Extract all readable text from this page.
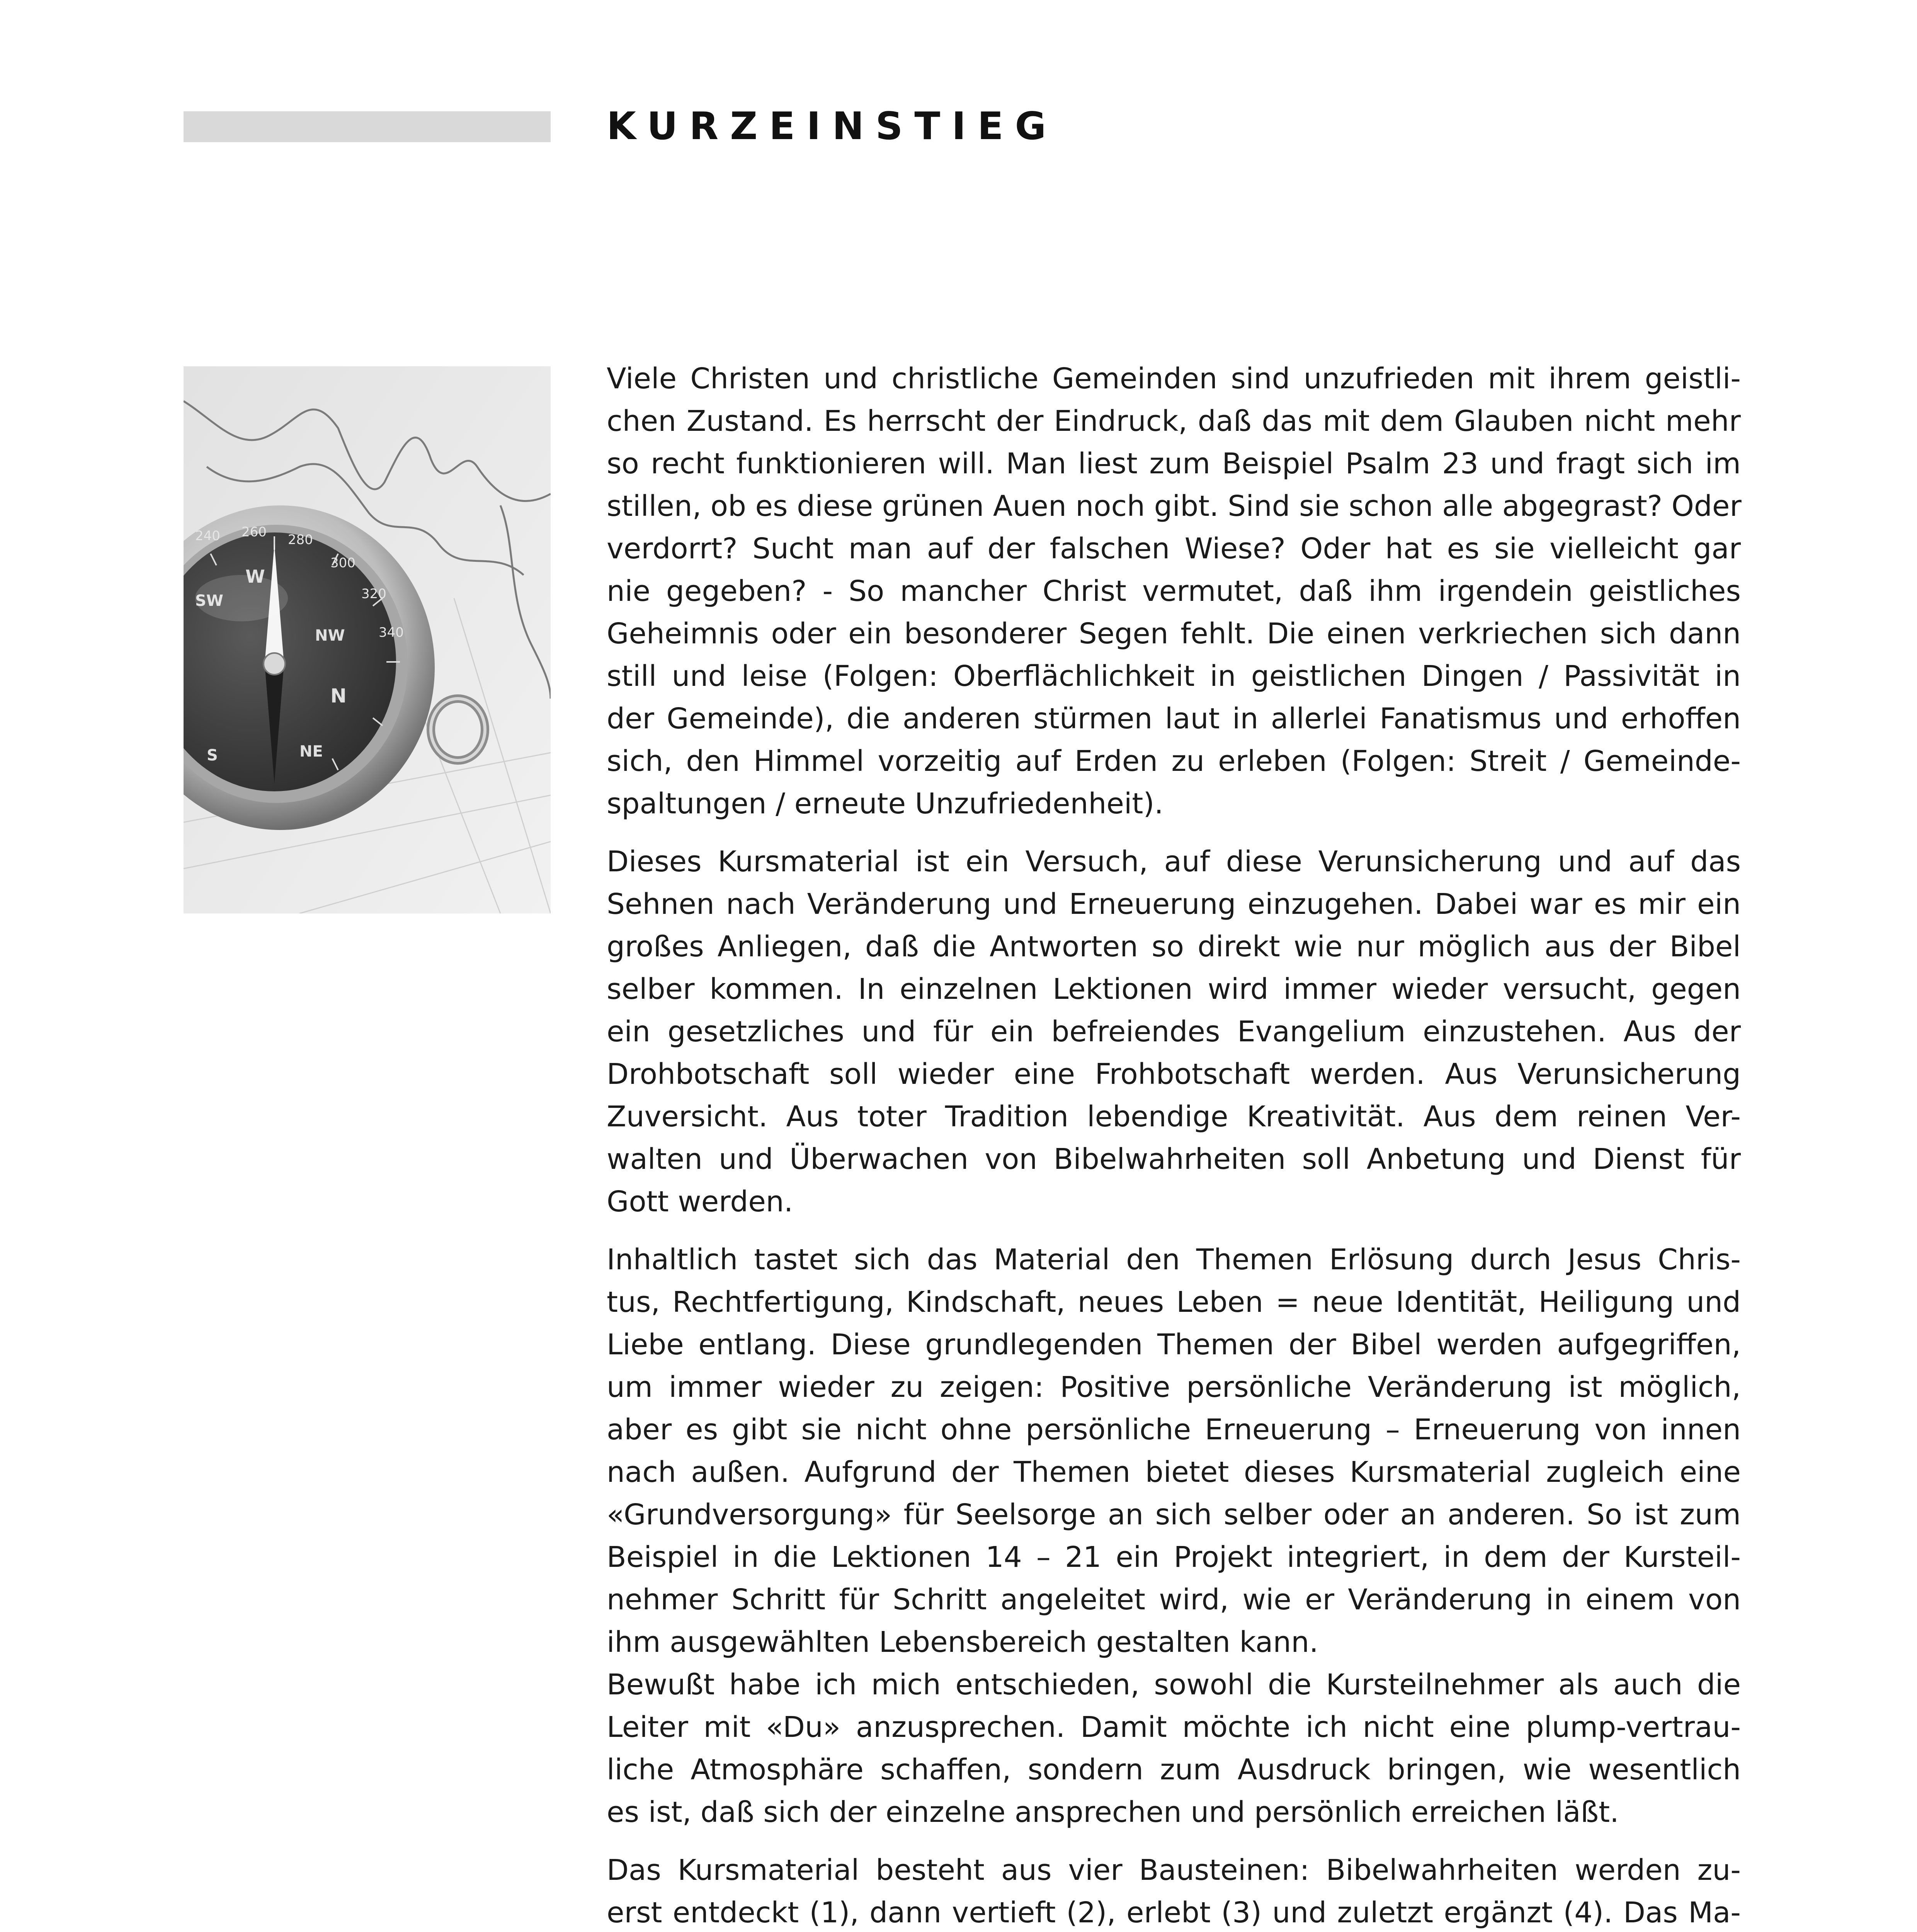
KURZEINSTIEG
240 260 280
300
320
340
SW
W
NW
N
NE
S

Viele Christen und christliche Gemeinden sind unzufrieden mit ihrem geistli-
chen Zustand. Es herrscht der Eindruck, daß das mit dem Glauben nicht mehr
so recht funktionieren will. Man liest zum Beispiel Psalm 23 und fragt sich im
stillen, ob es diese grünen Auen noch gibt. Sind sie schon alle abgegrast? Oder
verdorrt? Sucht man auf der falschen Wiese? Oder hat es sie vielleicht gar
nie gegeben? - So mancher Christ vermutet, daß ihm irgendein geistliches
Geheimnis oder ein besonderer Segen fehlt. Die einen verkriechen sich dann
still und leise (Folgen: Oberflächlichkeit in geistlichen Dingen / Passivität in
der Gemeinde), die anderen stürmen laut in allerlei Fanatismus und erhoffen
sich, den Himmel vorzeitig auf Erden zu erleben (Folgen: Streit / Gemeinde-
spaltungen / erneute Unzufriedenheit).

Dieses Kursmaterial ist ein Versuch, auf diese Verunsicherung und auf das
Sehnen nach Veränderung und Erneuerung einzugehen. Dabei war es mir ein
großes Anliegen, daß die Antworten so direkt wie nur möglich aus der Bibel
selber kommen. In einzelnen Lektionen wird immer wieder versucht, gegen
ein gesetzliches und für ein befreiendes Evangelium einzustehen. Aus der
Drohbotschaft soll wieder eine Frohbotschaft werden. Aus Verunsicherung
Zuversicht. Aus toter Tradition lebendige Kreativität. Aus dem reinen Ver-
walten und Überwachen von Bibelwahrheiten soll Anbetung und Dienst für
Gott werden.

Inhaltlich tastet sich das Material den Themen Erlösung durch Jesus Chris-
tus, Rechtfertigung, Kindschaft, neues Leben = neue Identität, Heiligung und
Liebe entlang. Diese grundlegenden Themen der Bibel werden aufgegriffen,
um immer wieder zu zeigen: Positive persönliche Veränderung ist möglich,
aber es gibt sie nicht ohne persönliche Erneuerung – Erneuerung von innen
nach außen. Aufgrund der Themen bietet dieses Kursmaterial zugleich eine
«Grundversorgung» für Seelsorge an sich selber oder an anderen. So ist zum
Beispiel in die Lektionen 14 – 21 ein Projekt integriert, in dem der Kursteil-
nehmer Schritt für Schritt angeleitet wird, wie er Veränderung in einem von
ihm ausgewählten Lebensbereich gestalten kann.
Bewußt habe ich mich entschieden, sowohl die Kursteilnehmer als auch die
Leiter mit «Du» anzusprechen. Damit möchte ich nicht eine plump-vertrau-
liche Atmosphäre schaffen, sondern zum Ausdruck bringen, wie wesentlich
es ist, daß sich der einzelne ansprechen und persönlich erreichen läßt.

Das Kursmaterial besteht aus vier Bausteinen: Bibelwahrheiten werden zu-
erst entdeckt (1), dann vertieft (2), erlebt (3) und zuletzt ergänzt (4). Das Ma-
